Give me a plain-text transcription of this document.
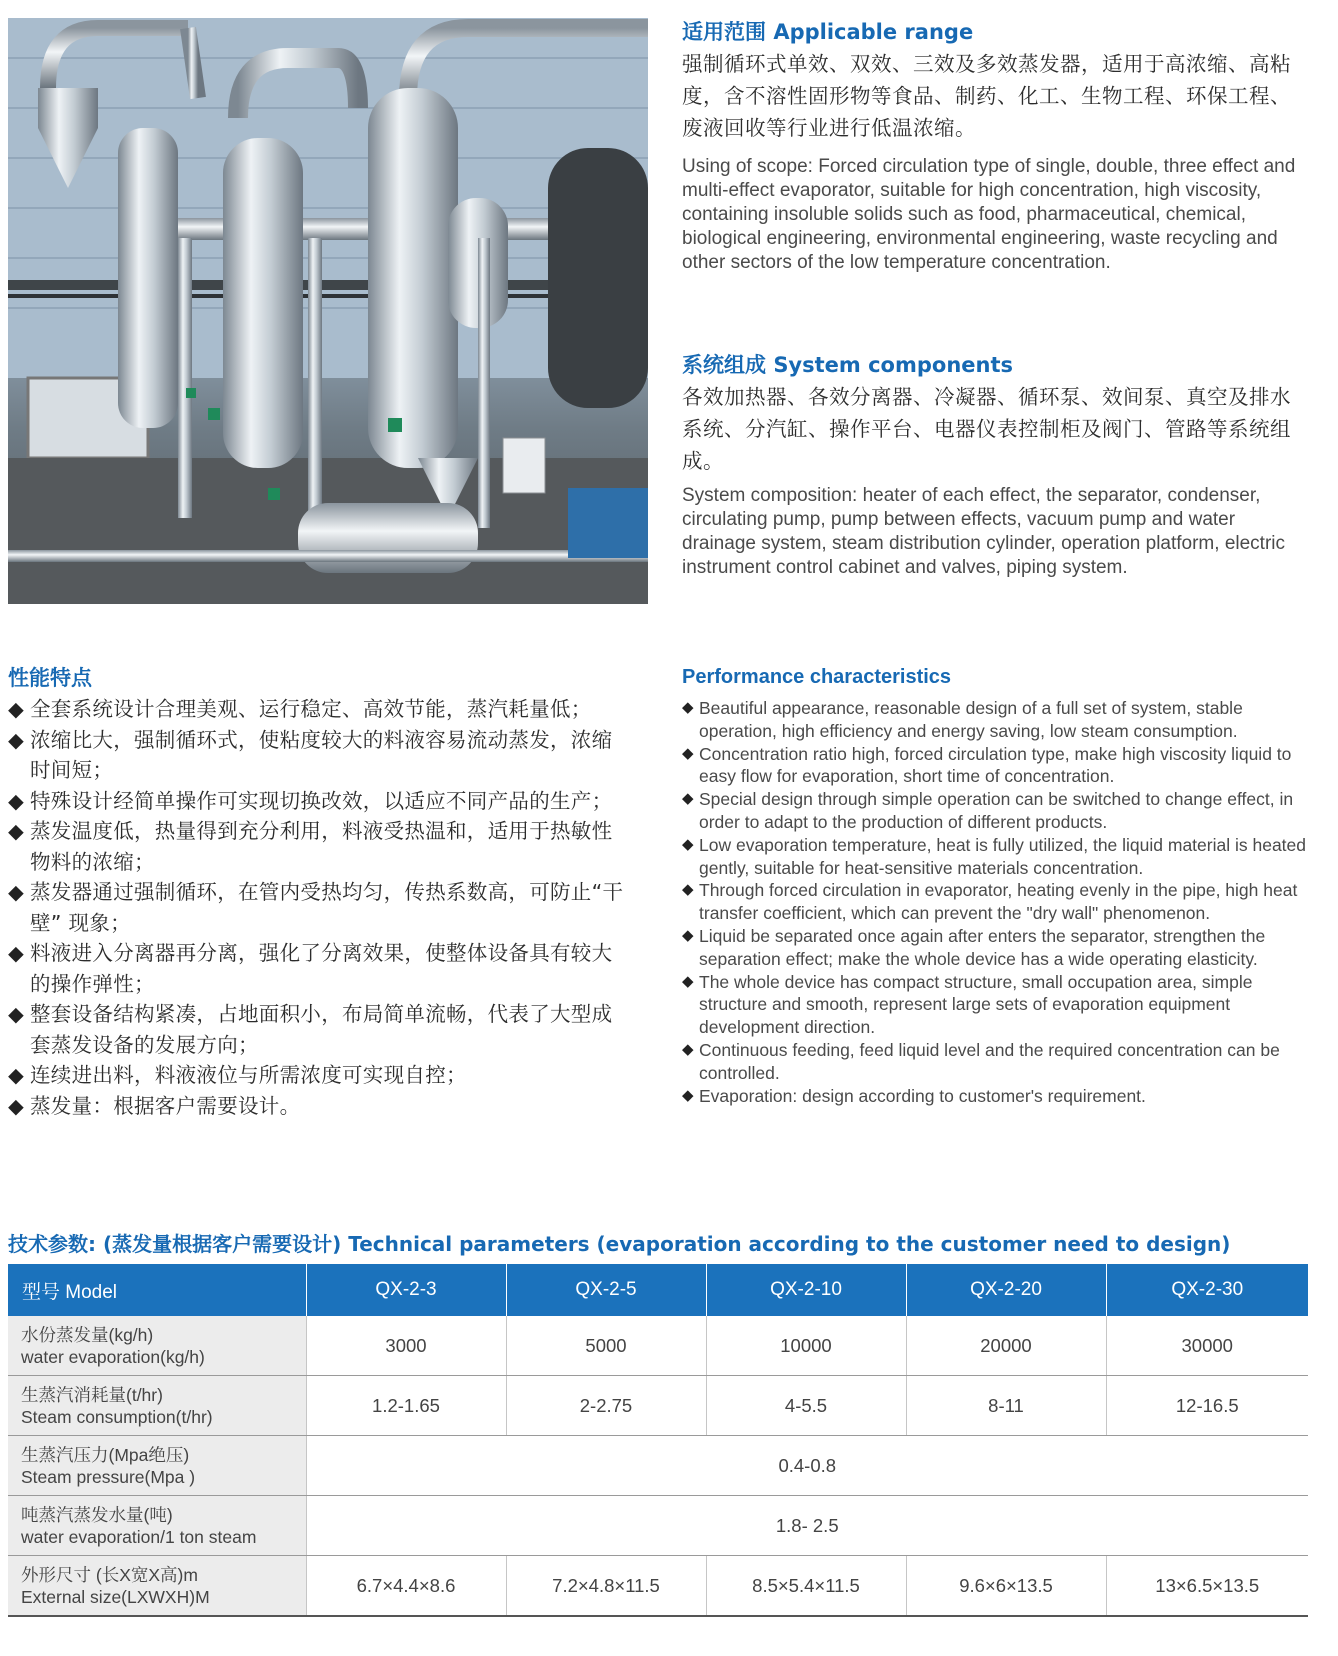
适用范围 Applicable range

强制循环式单效、双效、三效及多效蒸发器，适用于高浓缩、高粘度，含不溶性固形物等食品、制药、化工、生物工程、环保工程、废液回收等行业进行低温浓缩。

Using of scope: Forced circulation type of single, double, three effect and multi-effect evaporator, suitable for high concentration, high viscosity, containing insoluble solids such as food, pharmaceutical, chemical, biological engineering, environmental engineering, waste recycling and other sectors of the low temperature concentration.

系统组成 System components

各效加热器、各效分离器、冷凝器、循环泵、效间泵、真空及排水系统、分汽缸、操作平台、电器仪表控制柜及阀门、管路等系统组成。

System composition: heater of each effect, the separator, condenser, circulating pump, pump between effects, vacuum pump and water drainage system, steam distribution cylinder, operation platform, electric instrument control cabinet and valves, piping system.

性能特点
◆ 全套系统设计合理美观、运行稳定、高效节能，蒸汽耗量低；
◆ 浓缩比大，强制循环式，使粘度较大的料液容易流动蒸发，浓缩时间短；
◆ 特殊设计经简单操作可实现切换改效，以适应不同产品的生产；
◆ 蒸发温度低，热量得到充分利用，料液受热温和，适用于热敏性物料的浓缩；
◆ 蒸发器通过强制循环，在管内受热均匀，传热系数高，可防止“干壁” 现象；
◆ 料液进入分离器再分离，强化了分离效果，使整体设备具有较大的操作弹性；
◆ 整套设备结构紧凑，占地面积小，布局简单流畅，代表了大型成套蒸发设备的发展方向；
◆ 连续进出料，料液液位与所需浓度可实现自控；
◆ 蒸发量：根据客户需要设计。
Performance characteristics
◆ Beautiful appearance, reasonable design of a full set of system, stable operation, high efficiency and energy saving, low steam consumption.
◆ Concentration ratio high, forced circulation type, make high viscosity liquid to easy flow for evaporation, short time of concentration.
◆ Special design through simple operation can be switched to change effect, in order to adapt to the production of different products.
◆ Low evaporation temperature, heat is fully utilized, the liquid material is heated gently, suitable for heat-sensitive materials concentration.
◆ Through forced circulation in evaporator, heating evenly in the pipe, high heat transfer coefficient, which can prevent the "dry wall" phenomenon.
◆ Liquid be separated once again after enters the separator, strengthen the separation effect; make the whole device has a wide operating elasticity.
◆ The whole device has compact structure, small occupation area, simple structure and smooth, represent large sets of evaporation equipment development direction.
◆ Continuous feeding, feed liquid level and the required concentration can be controlled.
◆ Evaporation: design according to customer's requirement.
技术参数: (蒸发量根据客户需要设计) Technical parameters (evaporation according to the customer need to design)
型号 Model	QX-2-3	QX-2-5	QX-2-10	QX-2-20	QX-2-30

水份蒸发量(kg/h)
water evaporation(kg/h)	3000	5000	10000	20000	30000

生蒸汽消耗量(t/hr)
Steam consumption(t/hr)	1.2-1.65	2-2.75	4-5.5	8-11	12-16.5

生蒸汽压力(Mpa绝压)
Steam pressure(Mpa )	0.4-0.8				

吨蒸汽蒸发水量(吨)
water evaporation/1 ton steam	1.8- 2.5				

外形尺寸 (长X宽X高)m
External size(LXWXH)M	6.7×4.4×8.6	7.2×4.8×11.5	8.5×5.4×11.5	9.6×6×13.5	13×6.5×13.5
